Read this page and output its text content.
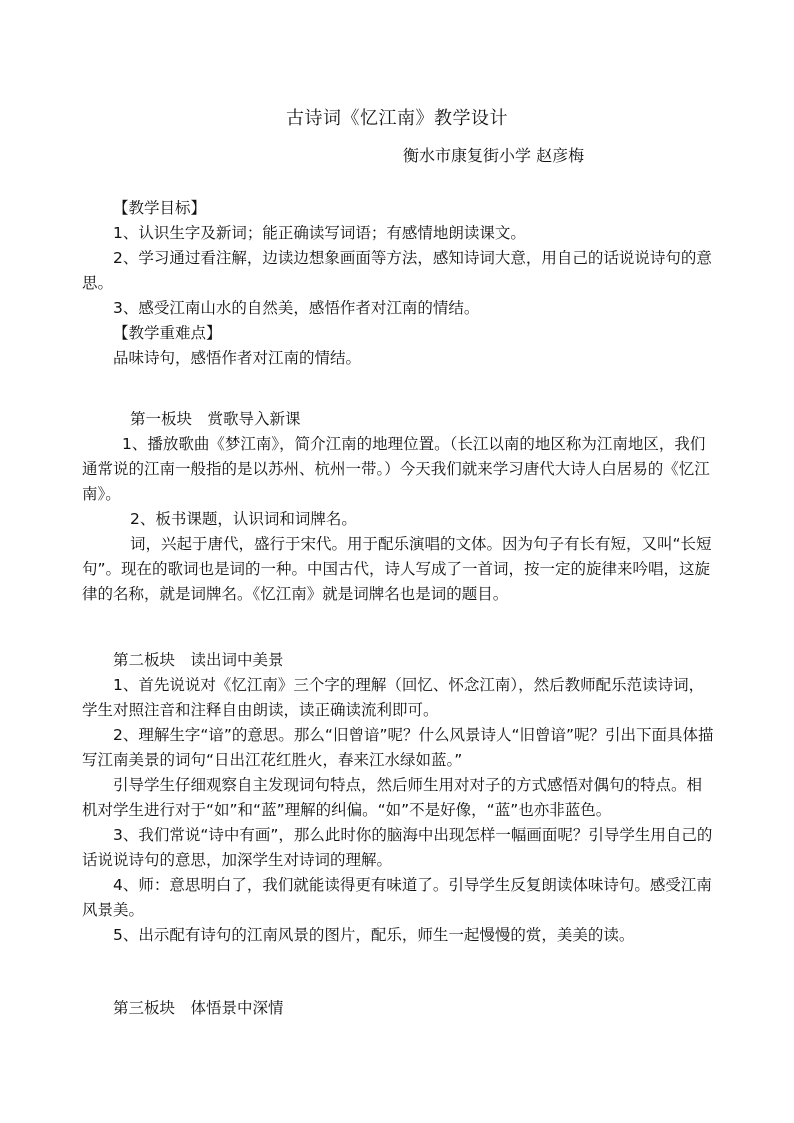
古诗词《忆江南》教学设计
衡水市康复街小学 赵彦梅

【教学目标】

1、认识生字及新词；能正确读写词语；有感情地朗读课文。

2、学习通过看注解，边读边想象画面等方法，感知诗词大意，用自己的话说说诗句的意思。

3、感受江南山水的自然美，感悟作者对江南的情结。

【教学重难点】

品味诗句，感悟作者对江南的情结。

第一板块　赏歌导入新课

1、播放歌曲《梦江南》，简介江南的地理位置。（长江以南的地区称为江南地区，我们通常说的江南一般指的是以苏州、杭州一带。）今天我们就来学习唐代大诗人白居易的《忆江南》。

2、板书课题，认识词和词牌名。

词，兴起于唐代，盛行于宋代。用于配乐演唱的文体。因为句子有长有短，又叫“长短句”。现在的歌词也是词的一种。中国古代，诗人写成了一首词，按一定的旋律来吟唱，这旋律的名称，就是词牌名。《忆江南》就是词牌名也是词的题目。

第二板块　读出词中美景

1、首先说说对《忆江南》三个字的理解（回忆、怀念江南），然后教师配乐范读诗词，学生对照注音和注释自由朗读，读正确读流利即可。

2、理解生字“谙”的意思。那么“旧曾谙”呢？什么风景诗人“旧曾谙”呢？引出下面具体描写江南美景的词句“日出江花红胜火，春来江水绿如蓝。”

引导学生仔细观察自主发现词句特点，然后师生用对对子的方式感悟对偶句的特点。相机对学生进行对于“如”和“蓝”理解的纠偏。“如”不是好像，“蓝”也亦非蓝色。

3、我们常说“诗中有画”，那么此时你的脑海中出现怎样一幅画面呢？引导学生用自己的话说说诗句的意思，加深学生对诗词的理解。

4、师：意思明白了，我们就能读得更有味道了。引导学生反复朗读体味诗句。感受江南风景美。

5、出示配有诗句的江南风景的图片，配乐，师生一起慢慢的赏，美美的读。

第三板块　体悟景中深情
